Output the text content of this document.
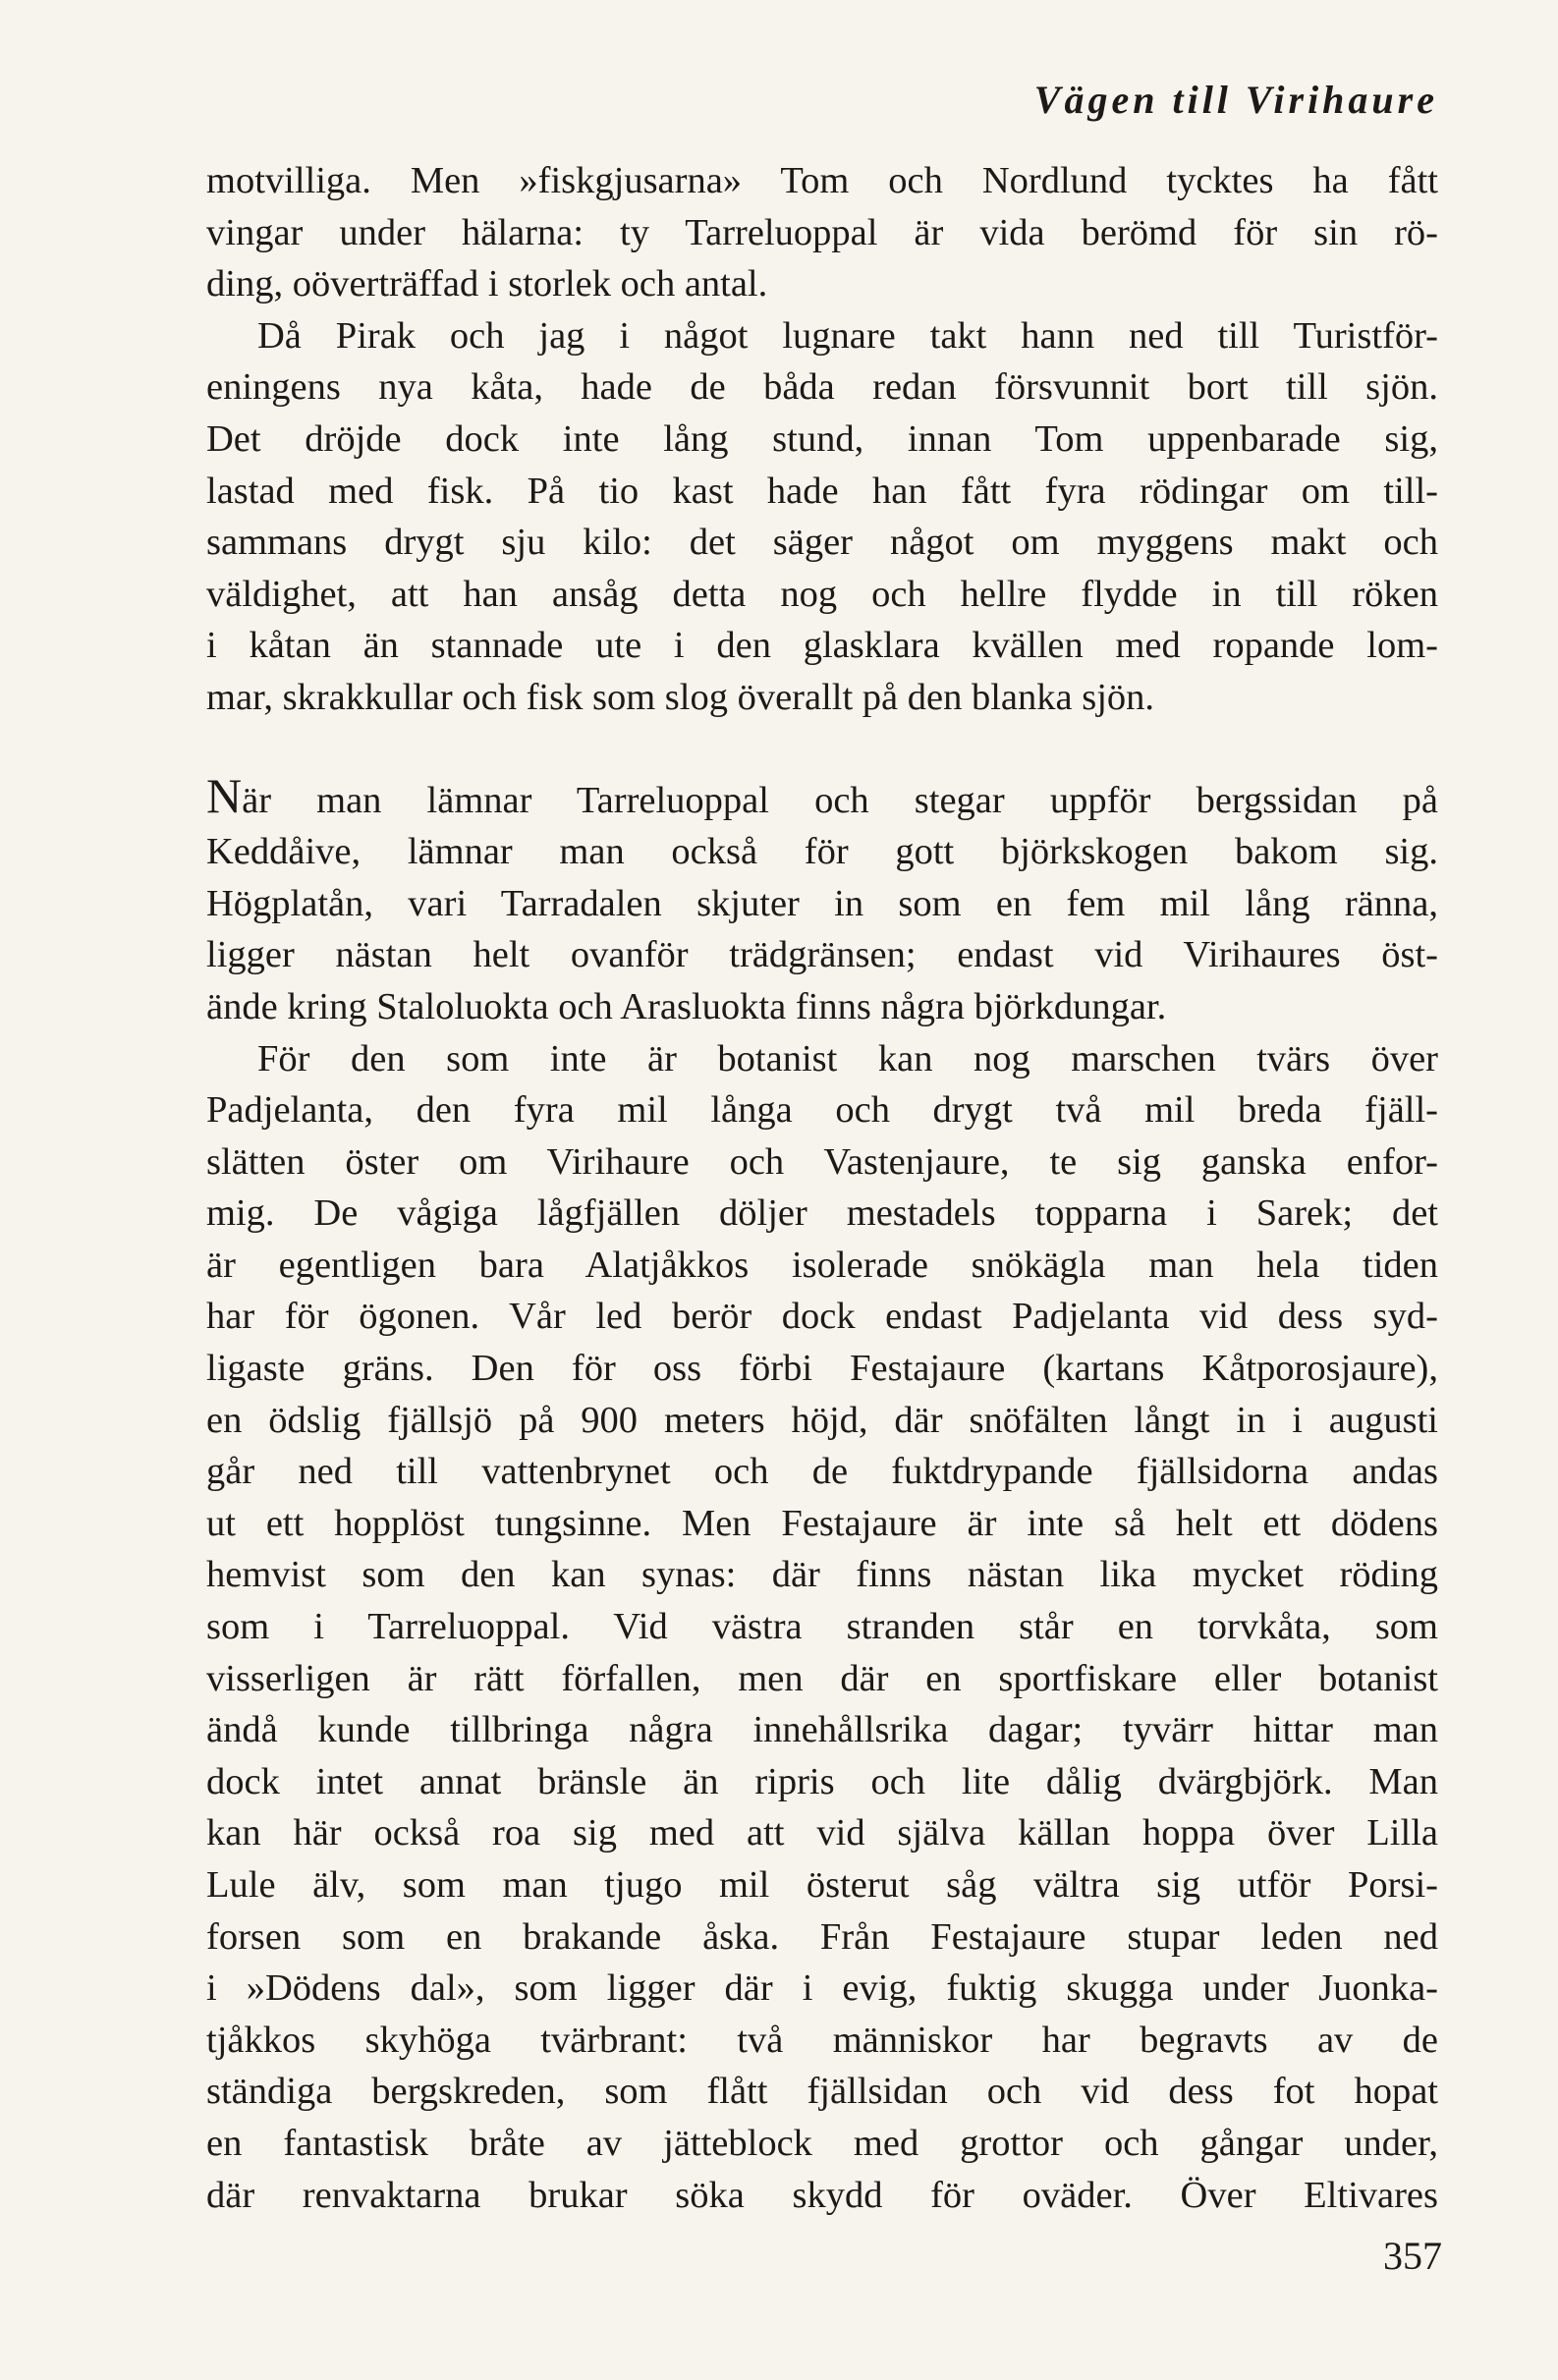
Vägen till Virihaure
motvilliga. Men »fiskgjusarna» Tom och Nordlund tycktes ha fått
vingar under hälarna: ty Tarreluoppal är vida berömd för sin rö-
ding, oöverträffad i storlek och antal.
Då Pirak och jag i något lugnare takt hann ned till Turistför-
eningens nya kåta, hade de båda redan försvunnit bort till sjön.
Det dröjde dock inte lång stund, innan Tom uppenbarade sig,
lastad med fisk. På tio kast hade han fått fyra rödingar om till-
sammans drygt sju kilo: det säger något om myggens makt och
väldighet, att han ansåg detta nog och hellre flydde in till röken
i kåtan än stannade ute i den glasklara kvällen med ropande lom-
mar, skrakkullar och fisk som slog överallt på den blanka sjön.
När man lämnar Tarreluoppal och stegar uppför bergssidan på
Keddåive, lämnar man också för gott björkskogen bakom sig.
Högplatån, vari Tarradalen skjuter in som en fem mil lång ränna,
ligger nästan helt ovanför trädgränsen; endast vid Virihaures öst-
ände kring Staloluokta och Arasluokta finns några björkdungar.
För den som inte är botanist kan nog marschen tvärs över
Padjelanta, den fyra mil långa och drygt två mil breda fjäll-
slätten öster om Virihaure och Vastenjaure, te sig ganska enfor-
mig. De vågiga lågfjällen döljer mestadels topparna i Sarek; det
är egentligen bara Alatjåkkos isolerade snökägla man hela tiden
har för ögonen. Vår led berör dock endast Padjelanta vid dess syd-
ligaste gräns. Den för oss förbi Festajaure (kartans Kåtporosjaure),
en ödslig fjällsjö på 900 meters höjd, där snöfälten långt in i augusti
går ned till vattenbrynet och de fuktdrypande fjällsidorna andas
ut ett hopplöst tungsinne. Men Festajaure är inte så helt ett dödens
hemvist som den kan synas: där finns nästan lika mycket röding
som i Tarreluoppal. Vid västra stranden står en torvkåta, som
visserligen är rätt förfallen, men där en sportfiskare eller botanist
ändå kunde tillbringa några innehållsrika dagar; tyvärr hittar man
dock intet annat bränsle än ripris och lite dålig dvärgbjörk. Man
kan här också roa sig med att vid själva källan hoppa över Lilla
Lule älv, som man tjugo mil österut såg vältra sig utför Porsi-
forsen som en brakande åska. Från Festajaure stupar leden ned
i »Dödens dal», som ligger där i evig, fuktig skugga under Juonka-
tjåkkos skyhöga tvärbrant: två människor har begravts av de
ständiga bergskreden, som flått fjällsidan och vid dess fot hopat
en fantastisk bråte av jätteblock med grottor och gångar under,
där renvaktarna brukar söka skydd för oväder. Över Eltivares
357
